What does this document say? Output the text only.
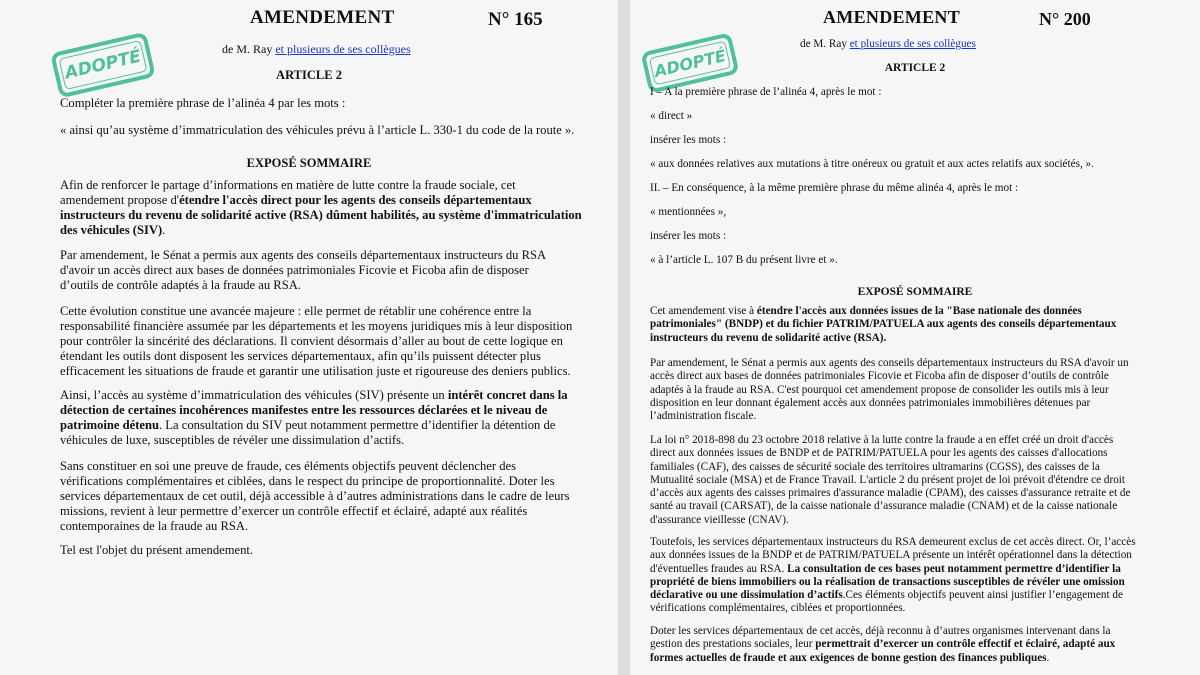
AMENDEMENT	N° 165
ADOPTÉ	de M. Ray et plusieurs de ses collègues
ARTICLE 2

Compléter la première phrase de l’alinéa 4 par les mots :

« ainsi qu’au système d’immatriculation des véhicules prévu à l’article L. 330-1 du code de la route ».

EXPOSÉ SOMMAIRE

Afin de renforcer le partage d’informations en matière de lutte contre la fraude sociale, cet amendement propose d'étendre l'accès direct pour les agents des conseils départementaux instructeurs du revenu de solidarité active (RSA) dûment habilités, au système d'immatriculation des véhicules (SIV).

Par amendement, le Sénat a permis aux agents des conseils départementaux instructeurs du RSA d'avoir un accès direct aux bases de données patrimoniales Ficovie et Ficoba afin de disposer d’outils de contrôle adaptés à la fraude au RSA.

Cette évolution constitue une avancée majeure : elle permet de rétablir une cohérence entre la responsabilité financière assumée par les départements et les moyens juridiques mis à leur disposition pour contrôler la sincérité des déclarations. Il convient désormais d’aller au bout de cette logique en étendant les outils dont disposent les services départementaux, afin qu’ils puissent détecter plus efficacement les situations de fraude et garantir une utilisation juste et rigoureuse des deniers publics.

Ainsi, l’accès au système d’immatriculation des véhicules (SIV) présente un intérêt concret dans la détection de certaines incohérences manifestes entre les ressources déclarées et le niveau de patrimoine détenu. La consultation du SIV peut notamment permettre d’identifier la détention de véhicules de luxe, susceptibles de révéler une dissimulation d’actifs.

Sans constituer en soi une preuve de fraude, ces éléments objectifs peuvent déclencher des vérifications complémentaires et ciblées, dans le respect du principe de proportionnalité. Doter les services départementaux de cet outil, déjà accessible à d’autres administrations dans le cadre de leurs missions, revient à leur permettre d’exercer un contrôle effectif et éclairé, adapté aux réalités contemporaines de la fraude au RSA.

Tel est l'objet du présent amendement.

AMENDEMENT	N° 200
ADOPTÉ
de M. Ray et plusieurs de ses collègues
ARTICLE 2

I – A la première phrase de l’alinéa 4, après le mot :

« direct »

insérer les mots :

« aux données relatives aux mutations à titre onéreux ou gratuit et aux actes relatifs aux sociétés, ».

II. – En conséquence, à la même première phrase du même alinéa 4, après le mot :

« mentionnées »,

insérer les mots :

« à l’article L. 107 B du présent livre et ».

EXPOSÉ SOMMAIRE

Cet amendement vise à étendre l'accès aux données issues de la "Base nationale des données patrimoniales" (BNDP) et du fichier PATRIM/PATUELA aux agents des conseils départementaux instructeurs du revenu de solidarité active (RSA).

Par amendement, le Sénat a permis aux agents des conseils départementaux instructeurs du RSA d'avoir un accès direct aux bases de données patrimoniales Ficovie et Ficoba afin de disposer d’outils de contrôle adaptés à la fraude au RSA. C'est pourquoi cet amendement propose de consolider les outils mis à leur disposition en leur donnant également accès aux données patrimoniales immobilières détenues par l’administration fiscale.

La loi n° 2018-898 du 23 octobre 2018 relative à la lutte contre la fraude a en effet créé un droit d'accès direct aux données issues de BNDP et de PATRIM/PATUELA pour les agents des caisses d'allocations familiales (CAF), des caisses de sécurité sociale des territoires ultramarins (CGSS), des caisses de la Mutualité sociale (MSA) et de France Travail. L'article 2 du présent projet de loi prévoit d'étendre ce droit d’accès aux agents des caisses primaires d'assurance maladie (CPAM), des caisses d'assurance retraite et de santé au travail (CARSAT), de la caisse nationale d’assurance maladie (CNAM) et de la caisse nationale d'assurance vieillesse (CNAV).

Toutefois, les services départementaux instructeurs du RSA demeurent exclus de cet accès direct. Or, l’accès aux données issues de la BNDP et de PATRIM/PATUELA présente un intérêt opérationnel dans la détection d'éventuelles fraudes au RSA. La consultation de ces bases peut notamment permettre d’identifier la propriété de biens immobiliers ou la réalisation de transactions susceptibles de révéler une omission déclarative ou une dissimulation d’actifs.Ces éléments objectifs peuvent ainsi justifier l’engagement de vérifications complémentaires, ciblées et proportionnées.

Doter les services départementaux de cet accès, déjà reconnu à d’autres organismes intervenant dans la gestion des prestations sociales, leur permettrait d’exercer un contrôle effectif et éclairé, adapté aux formes actuelles de fraude et aux exigences de bonne gestion des finances publiques.
